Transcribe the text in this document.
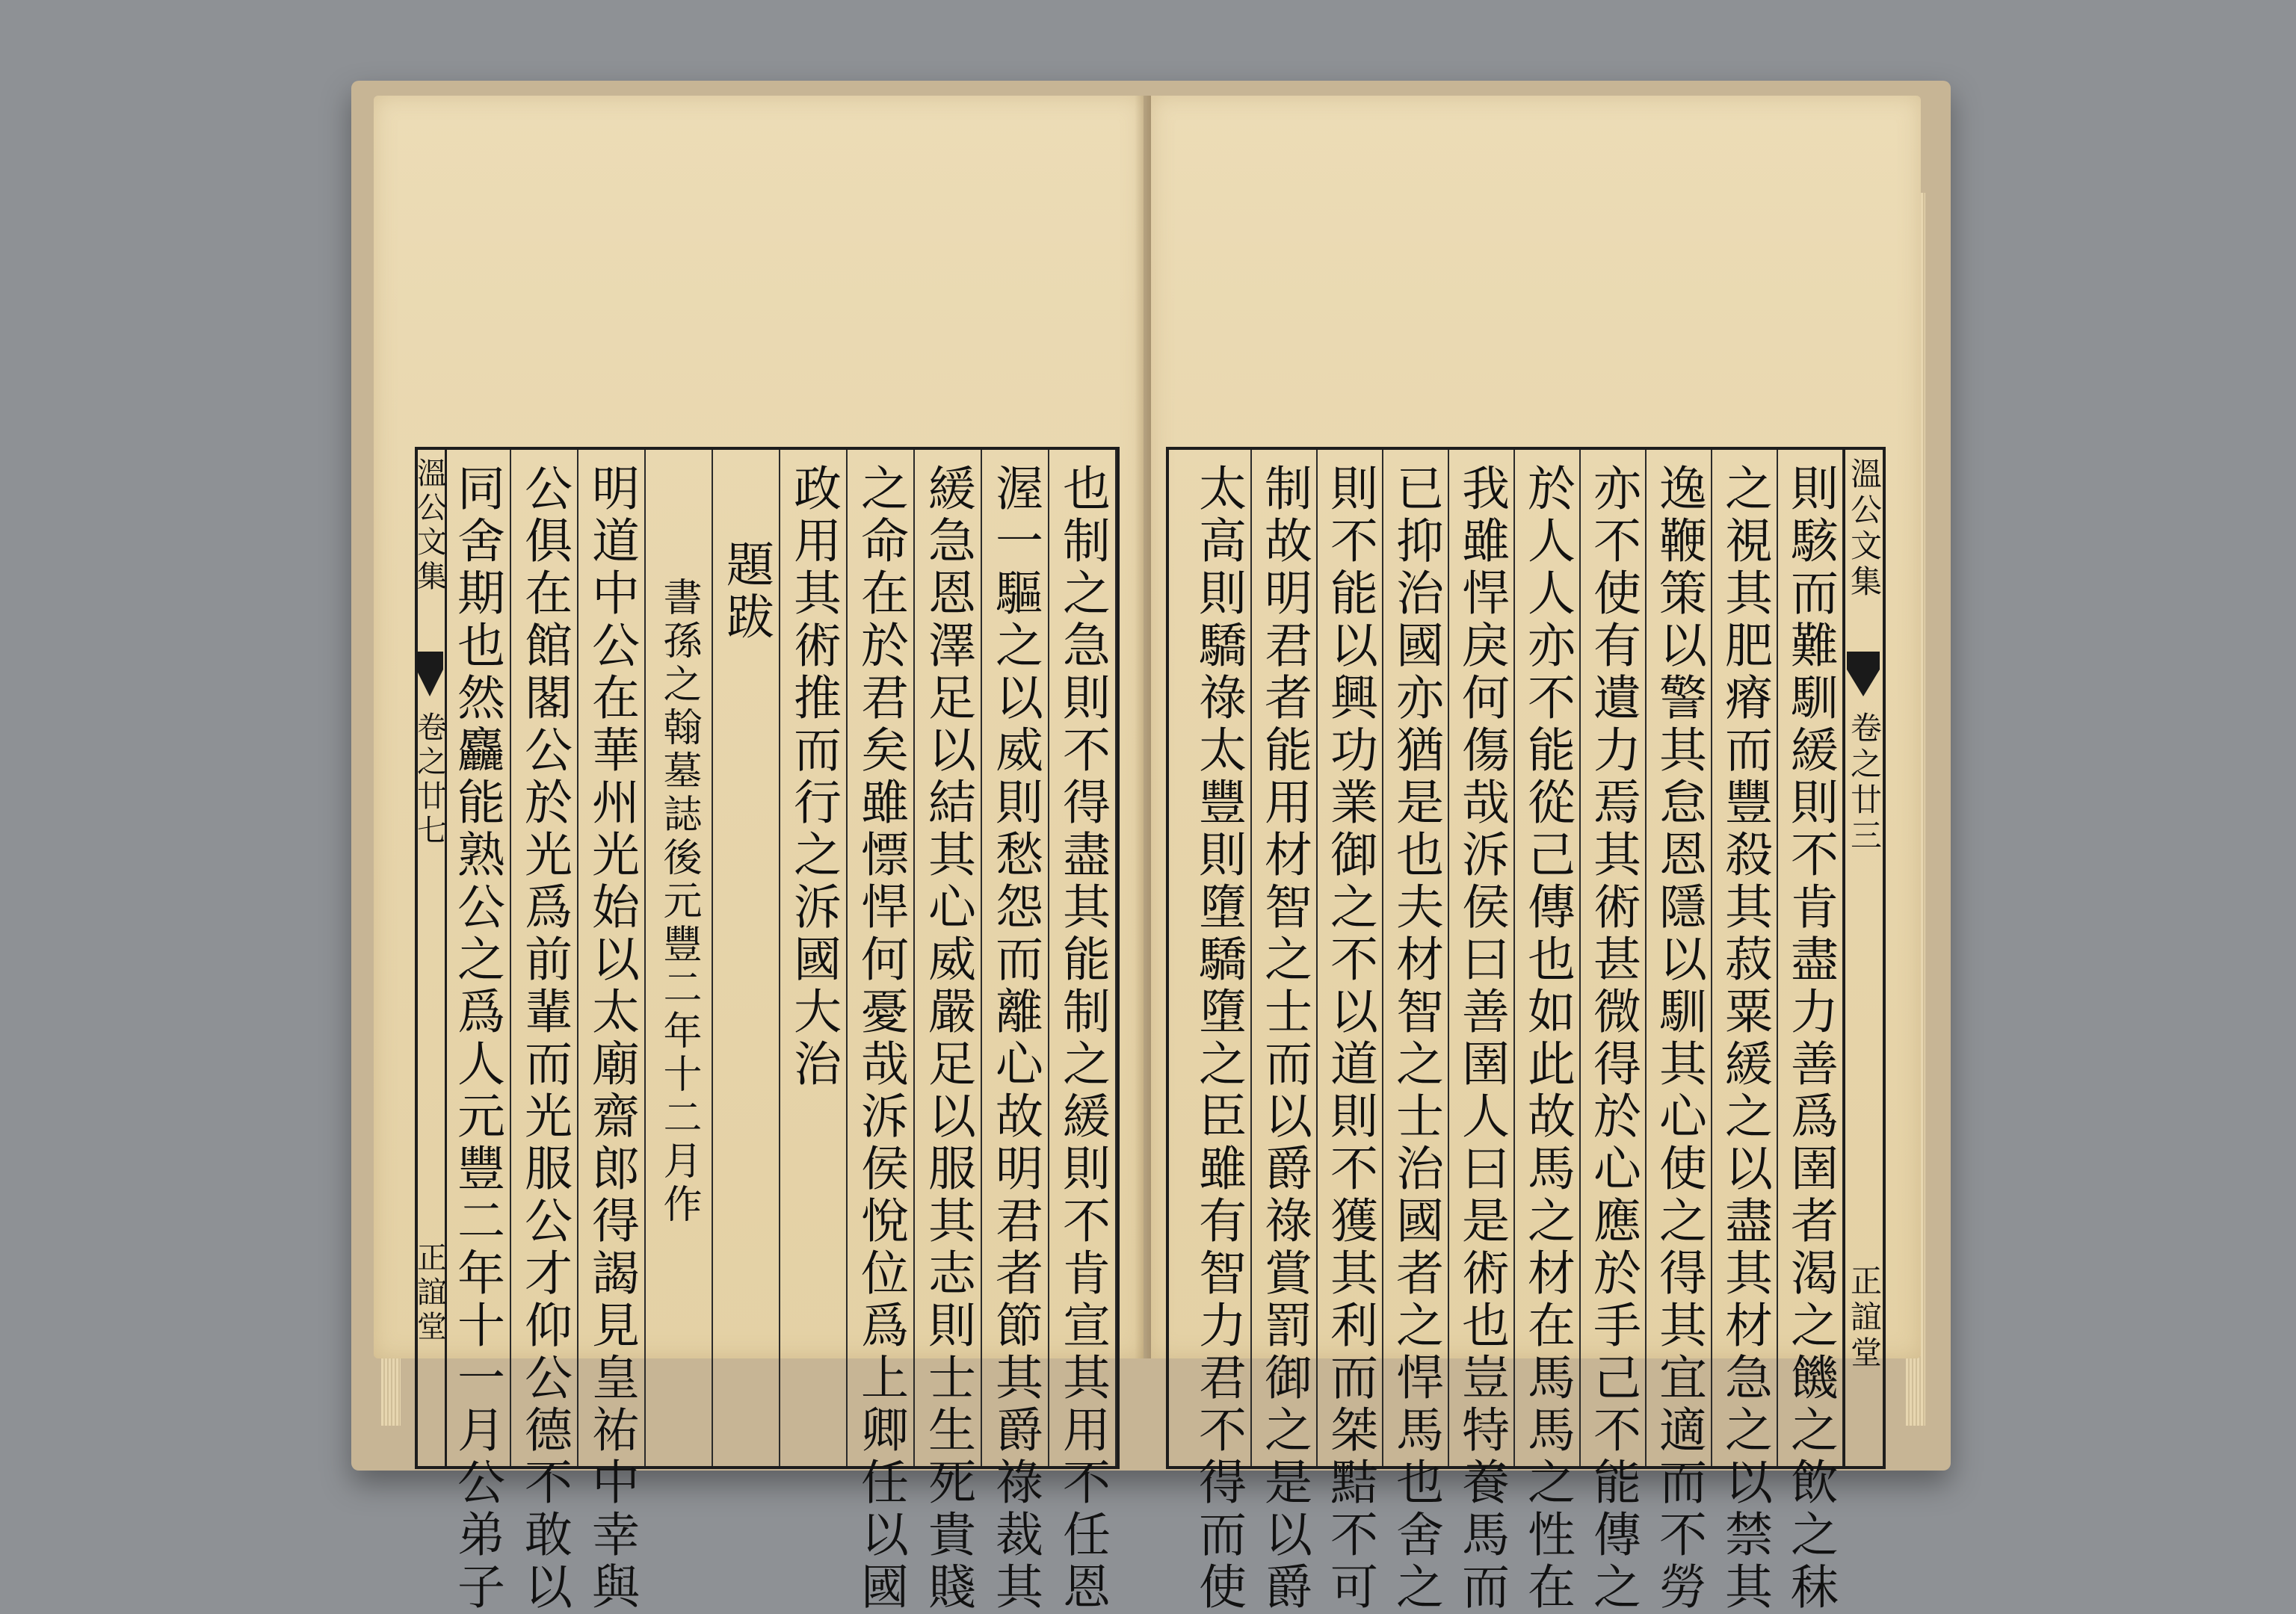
也制之急則不得盡其能制之緩則不肯宣其用不任恩
渥一驅之以威則愁怨而離心故明君者節其爵祿裁其
緩急恩澤足以結其心威嚴足以服其志則士生死貴賤
之命在於君矣雖慓悍何憂哉泝侯悅位爲上卿任以國
政用其術推而行之泝國大治
題跋
書孫之翰墓誌後元豐二年十二月作
明道中公在華州光始以太廟齋郎得謁見皇祐中幸與
公俱在館閣公於光爲前輩而光服公才仰公德不敢以
同舍期也然麤能熟公之爲人元豐二年十一月公弟子
溫公文集
卷之廿七
正誼堂	則駭而難馴緩則不肯盡力善爲圉者渴之饑之飲之秣
之視其肥瘠而豐殺其菽粟緩之以盡其材急之以禁其
逸鞭策以警其怠恩隱以馴其心使之得其宜適而不勞
亦不使有遺力焉其術甚微得於心應於手己不能傳之
於人人亦不能從己傳也如此故馬之材在馬馬之性在
我雖悍戾何傷哉泝侯曰善圉人曰是術也豈特養馬而
已抑治國亦猶是也夫材智之士治國者之悍馬也舍之
則不能以興功業御之不以道則不獲其利而桀黠不可
制故明君者能用材智之士而以爵祿賞罰御之是以爵
太高則驕祿太豐則墮驕墮之臣雖有智力君不得而使	溫公文集
卷之廿三
正誼堂
